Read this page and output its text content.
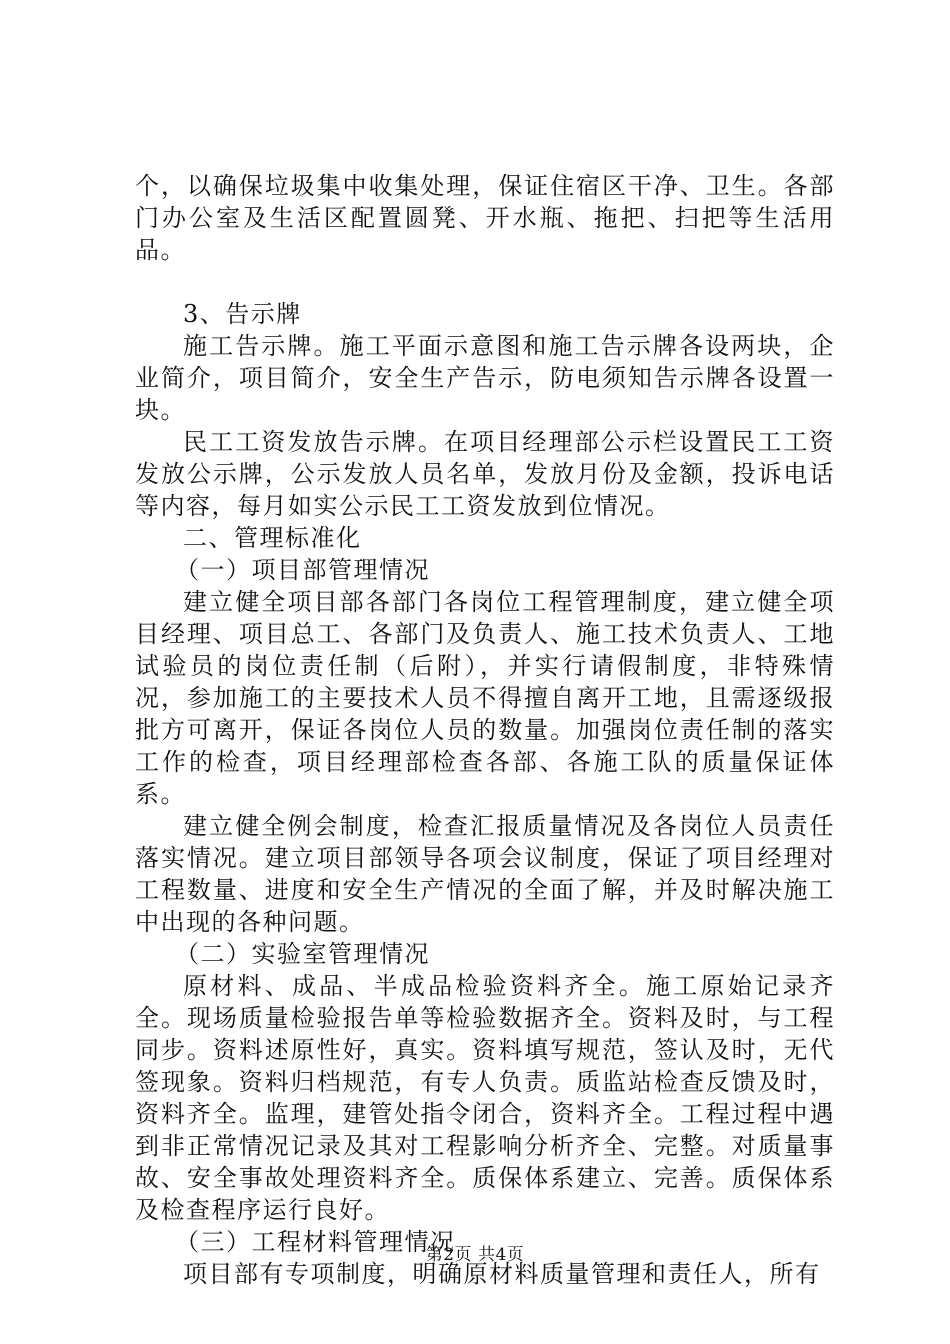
个，以确保垃圾集中收集处理，保证住宿区干净、卫生。各部门办公室及生活区配置圆凳、开水瓶、拖把、扫把等生活用品。

3、告示牌

施工告示牌。施工平面示意图和施工告示牌各设两块，企业简介，项目简介，安全生产告示，防电须知告示牌各设置一块。

民工工资发放告示牌。在项目经理部公示栏设置民工工资发放公示牌，公示发放人员名单，发放月份及金额，投诉电话等内容，每月如实公示民工工资发放到位情况。

二、管理标准化

（一）项目部管理情况

建立健全项目部各部门各岗位工程管理制度，建立健全项目经理、项目总工、各部门及负责人、施工技术负责人、工地试验员的岗位责任制（后附），并实行请假制度，非特殊情况，参加施工的主要技术人员不得擅自离开工地，且需逐级报批方可离开，保证各岗位人员的数量。加强岗位责任制的落实工作的检查，项目经理部检查各部、各施工队的质量保证体系。

建立健全例会制度，检查汇报质量情况及各岗位人员责任落实情况。建立项目部领导各项会议制度，保证了项目经理对工程数量、进度和安全生产情况的全面了解，并及时解决施工中出现的各种问题。

（二）实验室管理情况

原材料、成品、半成品检验资料齐全。施工原始记录齐全。现场质量检验报告单等检验数据齐全。资料及时，与工程同步。资料述原性好，真实。资料填写规范，签认及时，无代签现象。资料归档规范，有专人负责。质监站检查反馈及时，资料齐全。监理，建管处指令闭合，资料齐全。工程过程中遇到非正常情况记录及其对工程影响分析齐全、完整。对质量事故、安全事故处理资料齐全。质保体系建立、完善。质保体系及检查程序运行良好。

（三）工程材料管理情况

项目部有专项制度，明确原材料质量管理和责任人，所有

第2页 共4页
